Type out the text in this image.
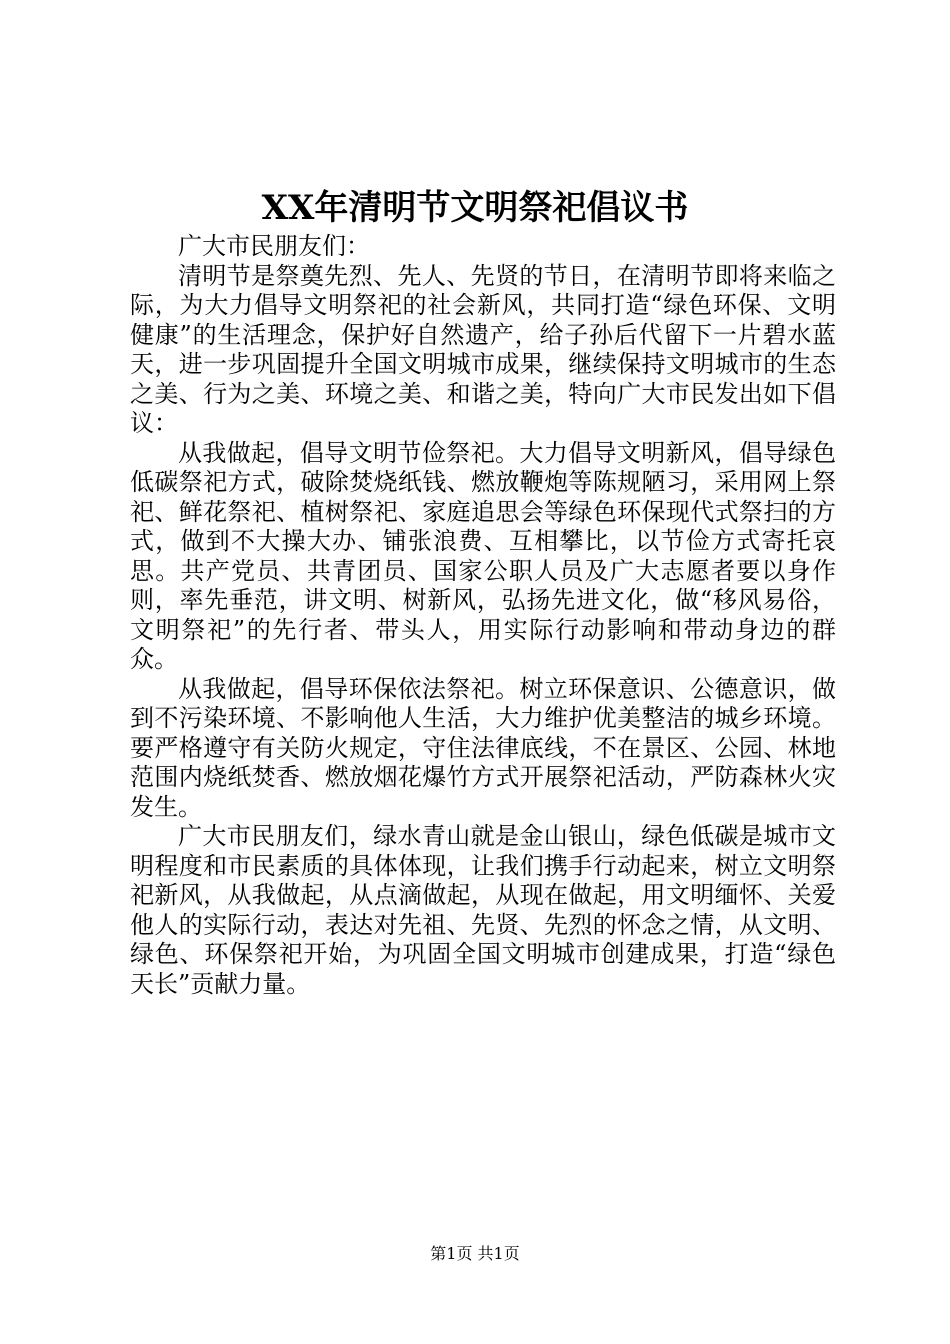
XX年清明节文明祭祀倡议书

广大市民朋友们：

清明节是祭奠先烈、先人、先贤的节日，在清明节即将来临之际，为大力倡导文明祭祀的社会新风，共同打造“绿色环保、文明健康”的生活理念，保护好自然遗产，给子孙后代留下一片碧水蓝天，进一步巩固提升全国文明城市成果，继续保持文明城市的生态之美、行为之美、环境之美、和谐之美，特向广大市民发出如下倡议：

从我做起，倡导文明节俭祭祀。大力倡导文明新风，倡导绿色低碳祭祀方式，破除焚烧纸钱、燃放鞭炮等陈规陋习，采用网上祭祀、鲜花祭祀、植树祭祀、家庭追思会等绿色环保现代式祭扫的方式，做到不大操大办、铺张浪费、互相攀比，以节俭方式寄托哀思。共产党员、共青团员、国家公职人员及广大志愿者要以身作则，率先垂范，讲文明、树新风，弘扬先进文化，做“移风易俗，文明祭祀”的先行者、带头人，用实际行动影响和带动身边的群众。

从我做起，倡导环保依法祭祀。树立环保意识、公德意识，做到不污染环境、不影响他人生活，大力维护优美整洁的城乡环境。要严格遵守有关防火规定，守住法律底线，不在景区、公园、林地范围内烧纸焚香、燃放烟花爆竹方式开展祭祀活动，严防森林火灾发生。

广大市民朋友们，绿水青山就是金山银山，绿色低碳是城市文明程度和市民素质的具体体现，让我们携手行动起来，树立文明祭祀新风，从我做起，从点滴做起，从现在做起，用文明缅怀、关爱他人的实际行动，表达对先祖、先贤、先烈的怀念之情，从文明、绿色、环保祭祀开始，为巩固全国文明城市创建成果，打造“绿色天长”贡献力量。

第1页 共1页
